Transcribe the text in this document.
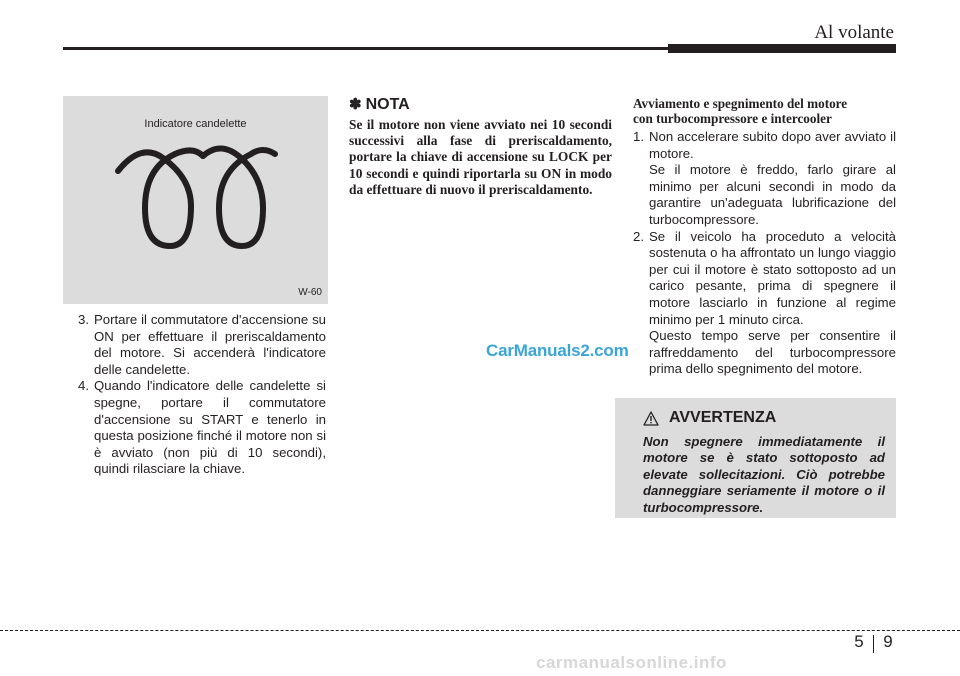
Al volante
Indicatore candelette
W-60
3. Portare il commutatore d'accensione su ON per effettuare il preriscaldamento del motore. Si accenderà l'indicatore delle candelette.
4. Quando l'indicatore delle candelette si spegne, portare il commutatore d'accensione su START e tenerlo in questa posizione finché il motore non si è avviato (non più di 10 secondi), quindi rilasciare la chiave.
✽ NOTA
Se il motore non viene avviato nei 10 secondi successivi alla fase di preriscaldamento, portare la chiave di accensione su LOCK per 10 secondi e quindi riportarla su ON in modo da effettuare di nuovo il preriscaldamento.
Avviamento e spegnimento del motore
con turbocompressore e intercooler
1. Non accelerare subito dopo aver avviato il motore.
Se il motore è freddo, farlo girare al minimo per alcuni secondi in modo da garantire un'adeguata lubrificazione del turbocompressore.
2. Se il veicolo ha proceduto a velocità sostenuta o ha affrontato un lungo viaggio per cui il motore è stato sottoposto ad un carico pesante, prima di spegnere il motore lasciarlo in funzione al regime minimo per 1 minuto circa.
Questo tempo serve per consentire il raffreddamento del turbocompressore prima dello spegnimento del motore.
CarManuals2.com
AVVERTENZA
Non spegnere immediatamente il motore se è stato sottoposto ad elevate sollecitazioni. Ciò potrebbe danneggiare seriamente il motore o il turbocompressore.
5 9
carmanualsonline.info
